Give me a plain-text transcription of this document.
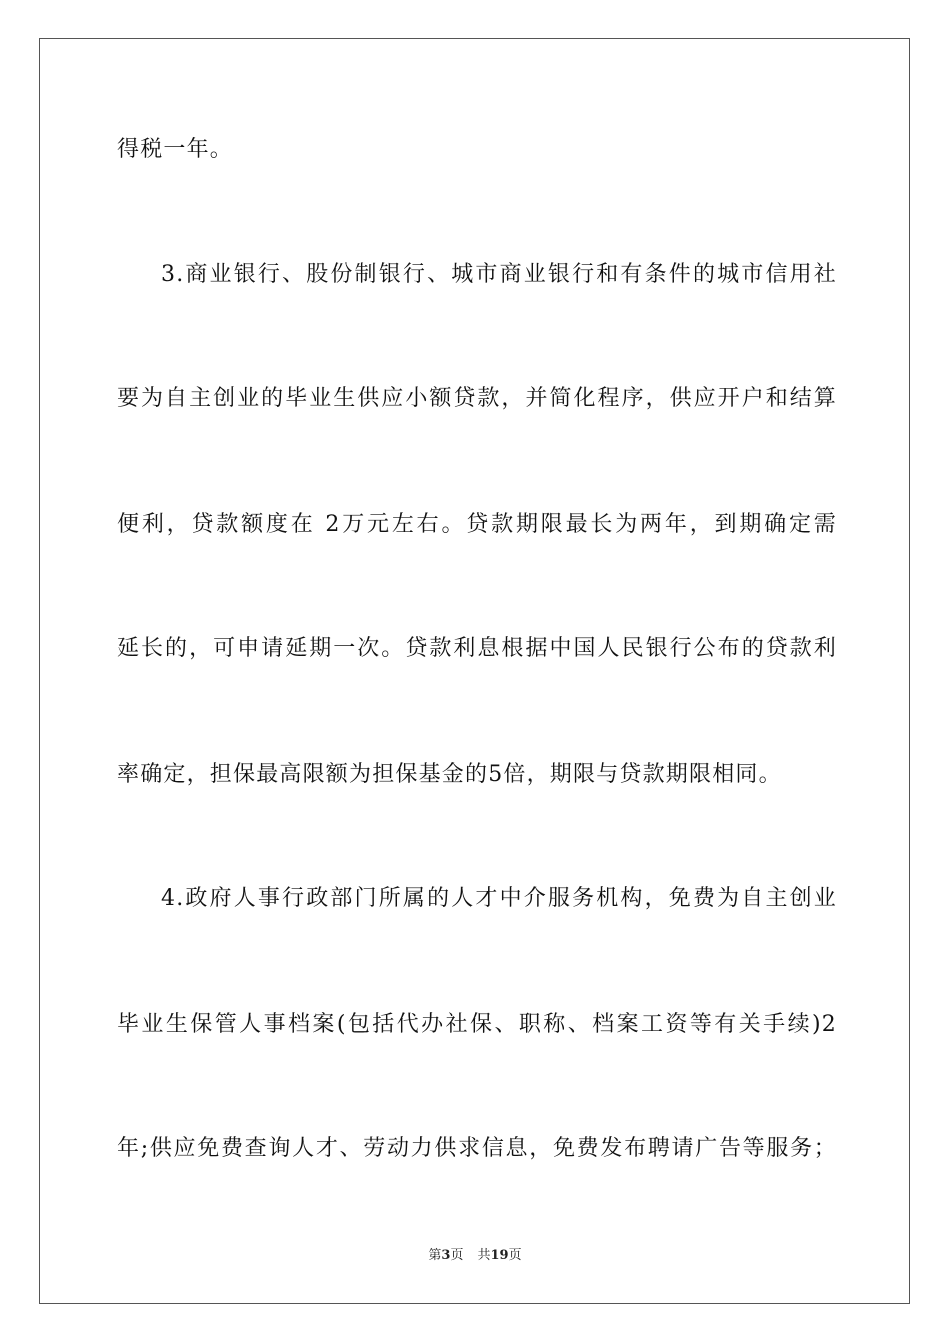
得税一年。
3.商业银行、股份制银行、城市商业银行和有条件的城市信用社
要为自主创业的毕业生供应小额贷款，并简化程序，供应开户和结算
便利，贷款额度在 2万元左右。贷款期限最长为两年，到期确定需
延长的，可申请延期一次。贷款利息根据中国人民银行公布的贷款利
率确定，担保最高限额为担保基金的5倍，期限与贷款期限相同。
4.政府人事行政部门所属的人才中介服务机构，免费为自主创业
毕业生保管人事档案(包括代办社保、职称、档案工资等有关手续)2
年;供应免费查询人才、劳动力供求信息，免费发布聘请广告等服务；
第3页 共19页
